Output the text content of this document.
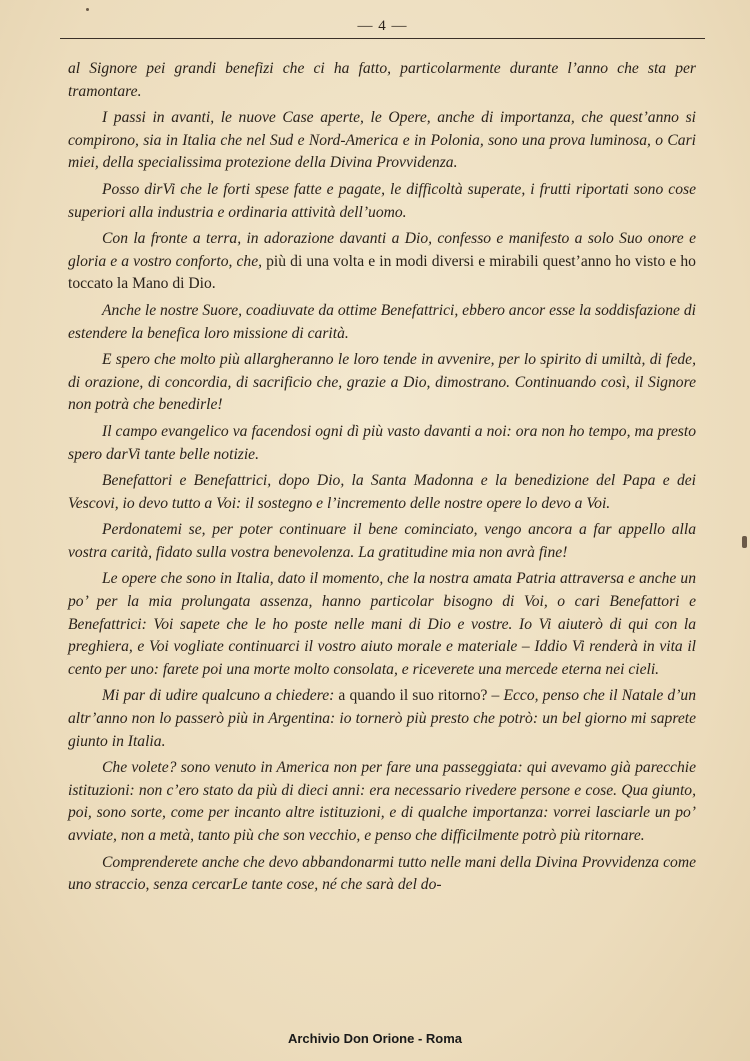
— 4 —

al Signore pei grandi benefizi che ci ha fatto, particolarmente durante l’anno che sta per tramontare.

I passi in avanti, le nuove Case aperte, le Opere, anche di importanza, che quest’anno si compirono, sia in Italia che nel Sud e Nord-America e in Polonia, sono una prova luminosa, o Cari miei, della specialissima protezione della Divina Provvidenza.

Posso dirVi che le forti spese fatte e pagate, le difficoltà superate, i frutti riportati sono cose superiori alla industria e ordinaria attività dell’uomo.

Con la fronte a terra, in adorazione davanti a Dio, confesso e manifesto a solo Suo onore e gloria e a vostro conforto, che, più di una volta e in modi diversi e mirabili quest’anno ho visto e ho toccato la Mano di Dio.

Anche le nostre Suore, coadiuvate da ottime Benefattrici, ebbero ancor esse la soddisfazione di estendere la benefica loro missione di carità.

E spero che molto più allargheranno le loro tende in avvenire, per lo spirito di umiltà, di fede, di orazione, di concordia, di sacrificio che, grazie a Dio, dimostrano. Continuando così, il Signore non potrà che benedirle!

Il campo evangelico va facendosi ogni dì più vasto davanti a noi: ora non ho tempo, ma presto spero darVi tante belle notizie.

Benefattori e Benefattrici, dopo Dio, la Santa Madonna e la benedizione del Papa e dei Vescovi, io devo tutto a Voi: il sostegno e l’incremento delle nostre opere lo devo a Voi.

Perdonatemi se, per poter continuare il bene cominciato, vengo ancora a far appello alla vostra carità, fidato sulla vostra benevolenza. La gratitudine mia non avrà fine!

Le opere che sono in Italia, dato il momento, che la nostra amata Patria attraversa e anche un po’ per la mia prolungata assenza, hanno particolar bisogno di Voi, o cari Benefattori e Benefattrici: Voi sapete che le ho poste nelle mani di Dio e vostre. Io Vi aiuterò di qui con la preghiera, e Voi vogliate continuarci il vostro aiuto morale e materiale – Iddio Vi renderà in vita il cento per uno: farete poi una morte molto consolata, e riceverete una mercede eterna nei cieli.

Mi par di udire qualcuno a chiedere: a quando il suo ritorno? – Ecco, penso che il Natale d’un altr’anno non lo passerò più in Argentina: io tornerò più presto che potrò: un bel giorno mi saprete giunto in Italia.

Che volete? sono venuto in America non per fare una passeggiata: qui avevamo già parecchie istituzioni: non c’ero stato da più di dieci anni: era necessario rivedere persone e cose. Qua giunto, poi, sono sorte, come per incanto altre istituzioni, e di qualche importanza: vorrei lasciarle un po’ avviate, non a metà, tanto più che son vecchio, e penso che difficilmente potrò più ritornare.

Comprenderete anche che devo abbandonarmi tutto nelle mani della Divina Provvidenza come uno straccio, senza cercarLe tante cose, né che sarà del do-

Archivio Don Orione - Roma
